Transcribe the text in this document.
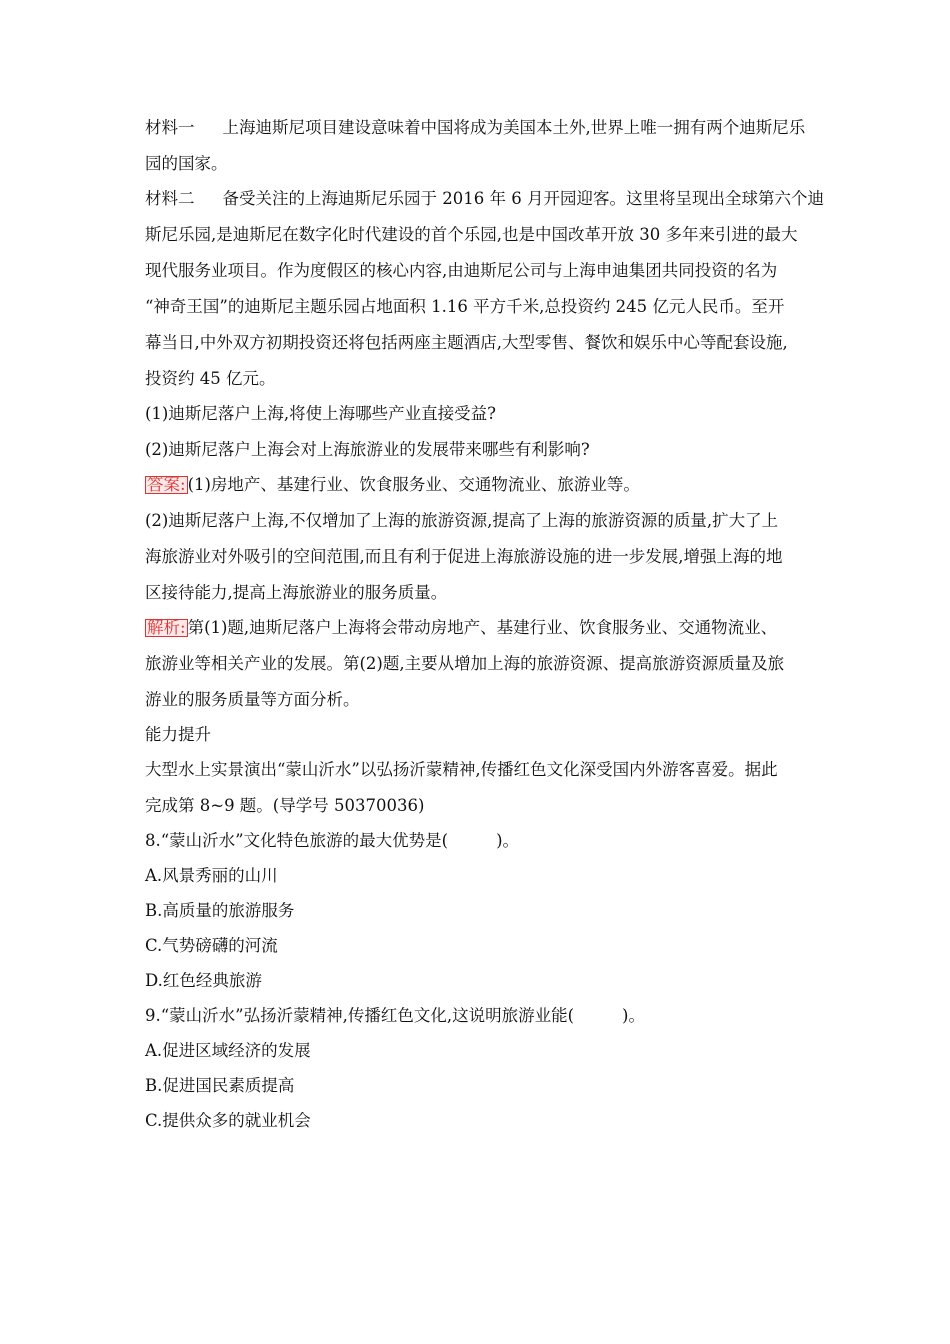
材料一 上海迪斯尼项目建设意味着中国将成为美国本土外,世界上唯一拥有两个迪斯尼乐
园的国家。
材料二 备受关注的上海迪斯尼乐园于 2016 年 6 月开园迎客。这里将呈现出全球第六个迪
斯尼乐园,是迪斯尼在数字化时代建设的首个乐园,也是中国改革开放 30 多年来引进的最大
现代服务业项目。作为度假区的核心内容,由迪斯尼公司与上海申迪集团共同投资的名为
“神奇王国”的迪斯尼主题乐园占地面积 1.16 平方千米,总投资约 245 亿元人民币。至开
幕当日,中外双方初期投资还将包括两座主题酒店,大型零售、餐饮和娱乐中心等配套设施,
投资约 45 亿元。
(1)迪斯尼落户上海,将使上海哪些产业直接受益?
(2)迪斯尼落户上海会对上海旅游业的发展带来哪些有利影响?
答案: (1)房地产、基建行业、饮食服务业、交通物流业、旅游业等。
(2)迪斯尼落户上海,不仅增加了上海的旅游资源,提高了上海的旅游资源的质量,扩大了上
海旅游业对外吸引的空间范围,而且有利于促进上海旅游设施的进一步发展,增强上海的地
区接待能力,提高上海旅游业的服务质量。
解析: 第(1)题,迪斯尼落户上海将会带动房地产、基建行业、饮食服务业、交通物流业、
旅游业等相关产业的发展。第(2)题,主要从增加上海的旅游资源、提高旅游资源质量及旅
游业的服务质量等方面分析。
能力提升
大型水上实景演出“蒙山沂水”以弘扬沂蒙精神,传播红色文化深受国内外游客喜爱。据此
完成第 8~9 题。(导学号 50370036)
8.“蒙山沂水”文化特色旅游的最大优势是(	)。
A.风景秀丽的山川
B.高质量的旅游服务
C.气势磅礴的河流
D.红色经典旅游
9.“蒙山沂水”弘扬沂蒙精神,传播红色文化,这说明旅游业能(	)。
A.促进区域经济的发展
B.促进国民素质提高
C.提供众多的就业机会
